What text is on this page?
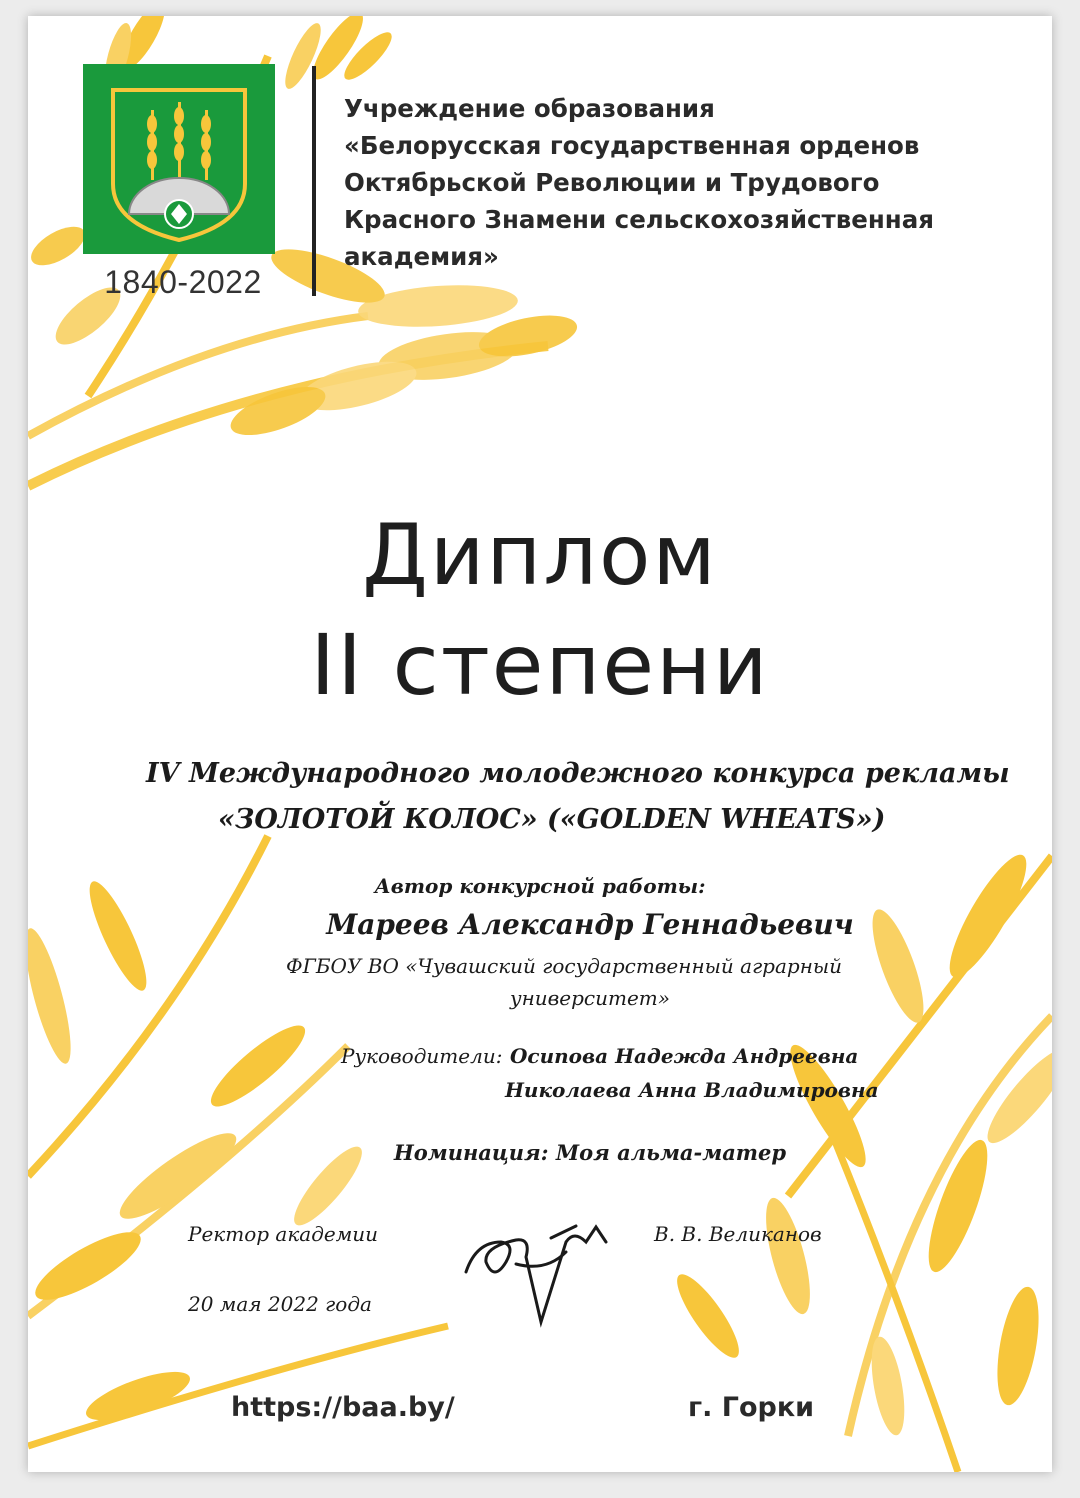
1840-2022
Учреждение образования
«Белорусская государственная орденов
Октябрьской Революции и Трудового
Красного Знамени сельскохозяйственная
академия»
Диплом
II степени
IV Международного молодежного конкурса рекламы
«ЗОЛОТОЙ КОЛОС» («GOLDEN WHEATS»)
Автор конкурсной работы:
Мареев Александр Геннадьевич
ФГБОУ ВО «Чувашский государственный аграрный
университет»
Руководители: Осипова Надежда Андреевна
Николаева Анна Владимировна
Номинация: Моя альма-матер
Ректор академии	В. В. Великанов
20 мая 2022 года
https://baa.by/	г. Горки
